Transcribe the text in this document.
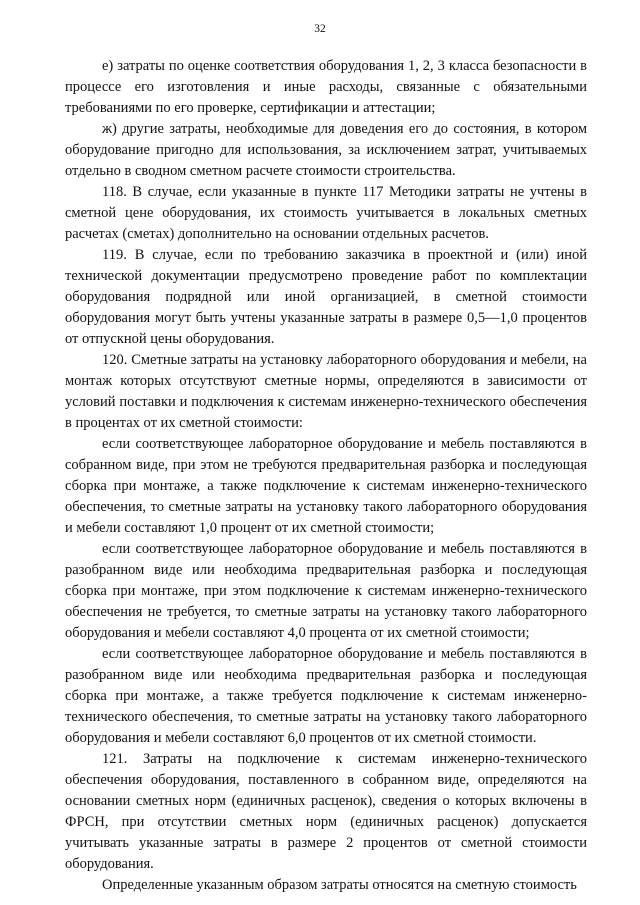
32

е) затраты по оценке соответствия оборудования 1, 2, 3 класса безопасности в процессе его изготовления и иные расходы, связанные с обязательными требованиями по его проверке, сертификации и аттестации;

ж) другие затраты, необходимые для доведения его до состояния, в котором оборудование пригодно для использования, за исключением затрат, учитываемых отдельно в сводном сметном расчете стоимости строительства.

118. В случае, если указанные в пункте 117 Методики затраты не учтены в сметной цене оборудования, их стоимость учитывается в локальных сметных расчетах (сметах) дополнительно на основании отдельных расчетов.

119. В случае, если по требованию заказчика в проектной и (или) иной технической документации предусмотрено проведение работ по комплектации оборудования подрядной или иной организацией, в сметной стоимости оборудования могут быть учтены указанные затраты в размере 0,5—1,0 процентов от отпускной цены оборудования.

120. Сметные затраты на установку лабораторного оборудования и мебели, на монтаж которых отсутствуют сметные нормы, определяются в зависимости от условий поставки и подключения к системам инженерно-технического обеспечения в процентах от их сметной стоимости:

если соответствующее лабораторное оборудование и мебель поставляются в собранном виде, при этом не требуются предварительная разборка и последующая сборка при монтаже, а также подключение к системам инженерно-технического обеспечения, то сметные затраты на установку такого лабораторного оборудования и мебели составляют 1,0 процент от их сметной стоимости;

если соответствующее лабораторное оборудование и мебель поставляются в разобранном виде или необходима предварительная разборка и последующая сборка при монтаже, при этом подключение к системам инженерно-технического обеспечения не требуется, то сметные затраты на установку такого лабораторного оборудования и мебели составляют 4,0 процента от их сметной стоимости;

если соответствующее лабораторное оборудование и мебель поставляются в разобранном виде или необходима предварительная разборка и последующая сборка при монтаже, а также требуется подключение к системам инженерно-технического обеспечения, то сметные затраты на установку такого лабораторного оборудования и мебели составляют 6,0 процентов от их сметной стоимости.

121. Затраты на подключение к системам инженерно-технического обеспечения оборудования, поставленного в собранном виде, определяются на основании сметных норм (единичных расценок), сведения о которых включены в ФРСН, при отсутствии сметных норм (единичных расценок) допускается учитывать указанные затраты в размере 2 процентов от сметной стоимости оборудования.

Определенные указанным образом затраты относятся на сметную стоимость
